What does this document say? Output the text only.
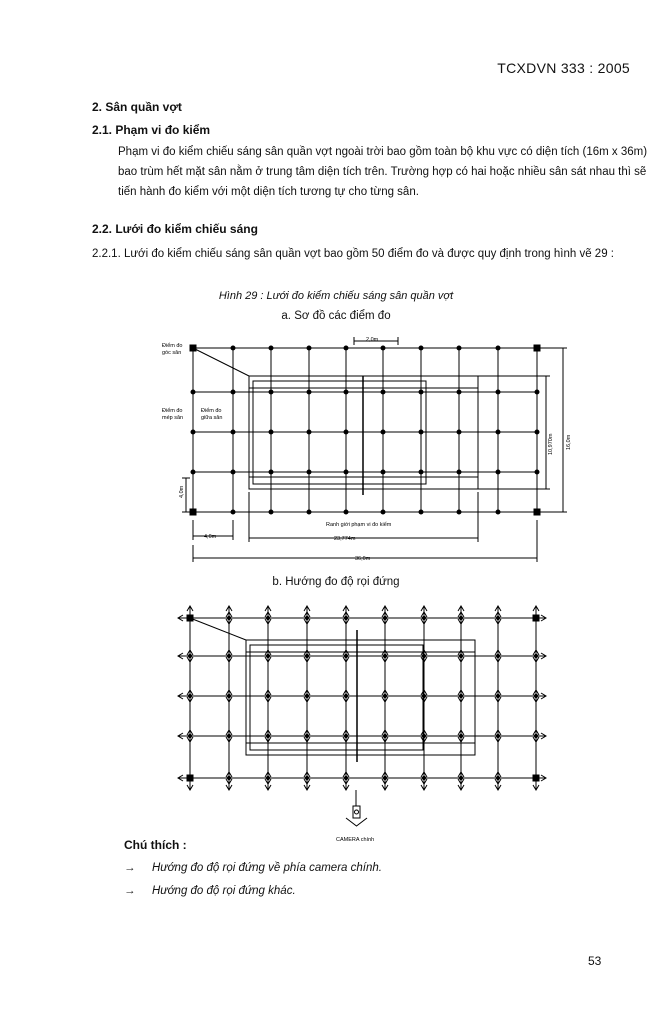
TCXDVN 333 : 2005
2. Sân quần vợt
2.1. Phạm vi đo kiểm
Phạm vi đo kiểm chiếu sáng sân quần vợt ngoài trời bao gồm toàn bộ khu vực có diện tích (16m x 36m)
bao trùm hết mặt sân nằm ở trung tâm diện tích trên. Trường hợp có hai hoặc nhiều sân sát nhau thì sẽ
tiến hành đo kiểm với một diện tích tương tự cho từng sân.
2.2. Lưới đo kiểm chiếu sáng
2.2.1. Lưới đo kiểm chiếu sáng sân quần vợt bao gồm 50 điểm đo và được quy định trong hình vẽ 29 :
Hình 29 : Lưới đo kiểm chiếu sáng sân quần vợt
a. Sơ đồ các điểm đo
Điểm đo
góc sân
Điểm đo
mép sân
Điểm đo
giữa sân
2,0m
4,0m	23,774m
36,0m
Ranh giới phạm vi đo kiểm
4,0m
10,970m 16,0m
CAMERA chính
b. Hướng đo độ rọi đứng
Chú thích :
→ Hướng đo độ rọi đứng về phía camera chính.
→ Hướng đo độ rọi đứng khác.
53
